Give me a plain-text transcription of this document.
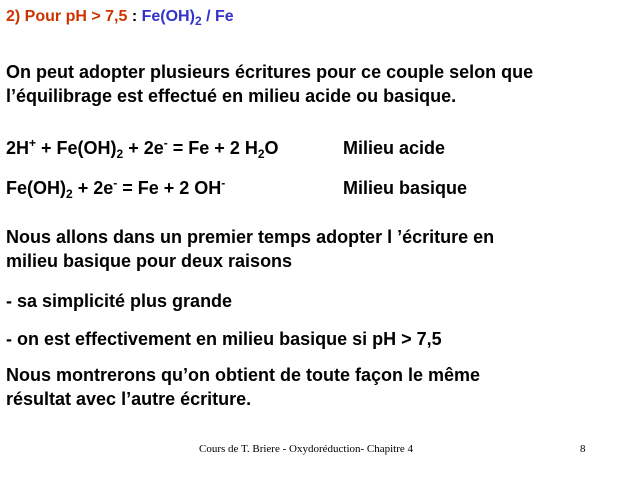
2) Pour pH > 7,5 : $Fe(OH)_2$ / Fe
On peut adopter plusieurs écritures pour ce couple selon que
l’équilibrage est effectué en milieu acide ou basique.
$2H^+ + Fe(OH)_2 + 2e^- = Fe + 2$ $H_2O$	Milieu acide
$Fe(OH)_2 + 2e^- = Fe + 2$ OH-	Milieu basique
Nous allons dans un premier temps adopter l ’écriture en
milieu basique pour deux raisons
- sa simplicité plus grande
- on est effectivement en milieu basique si pH > 7,5
Nous montrerons qu’on obtient de toute façon le même
résultat avec l’autre écriture.
Cours de T. Briere - Oxydoréduction- Chapitre 4	8
